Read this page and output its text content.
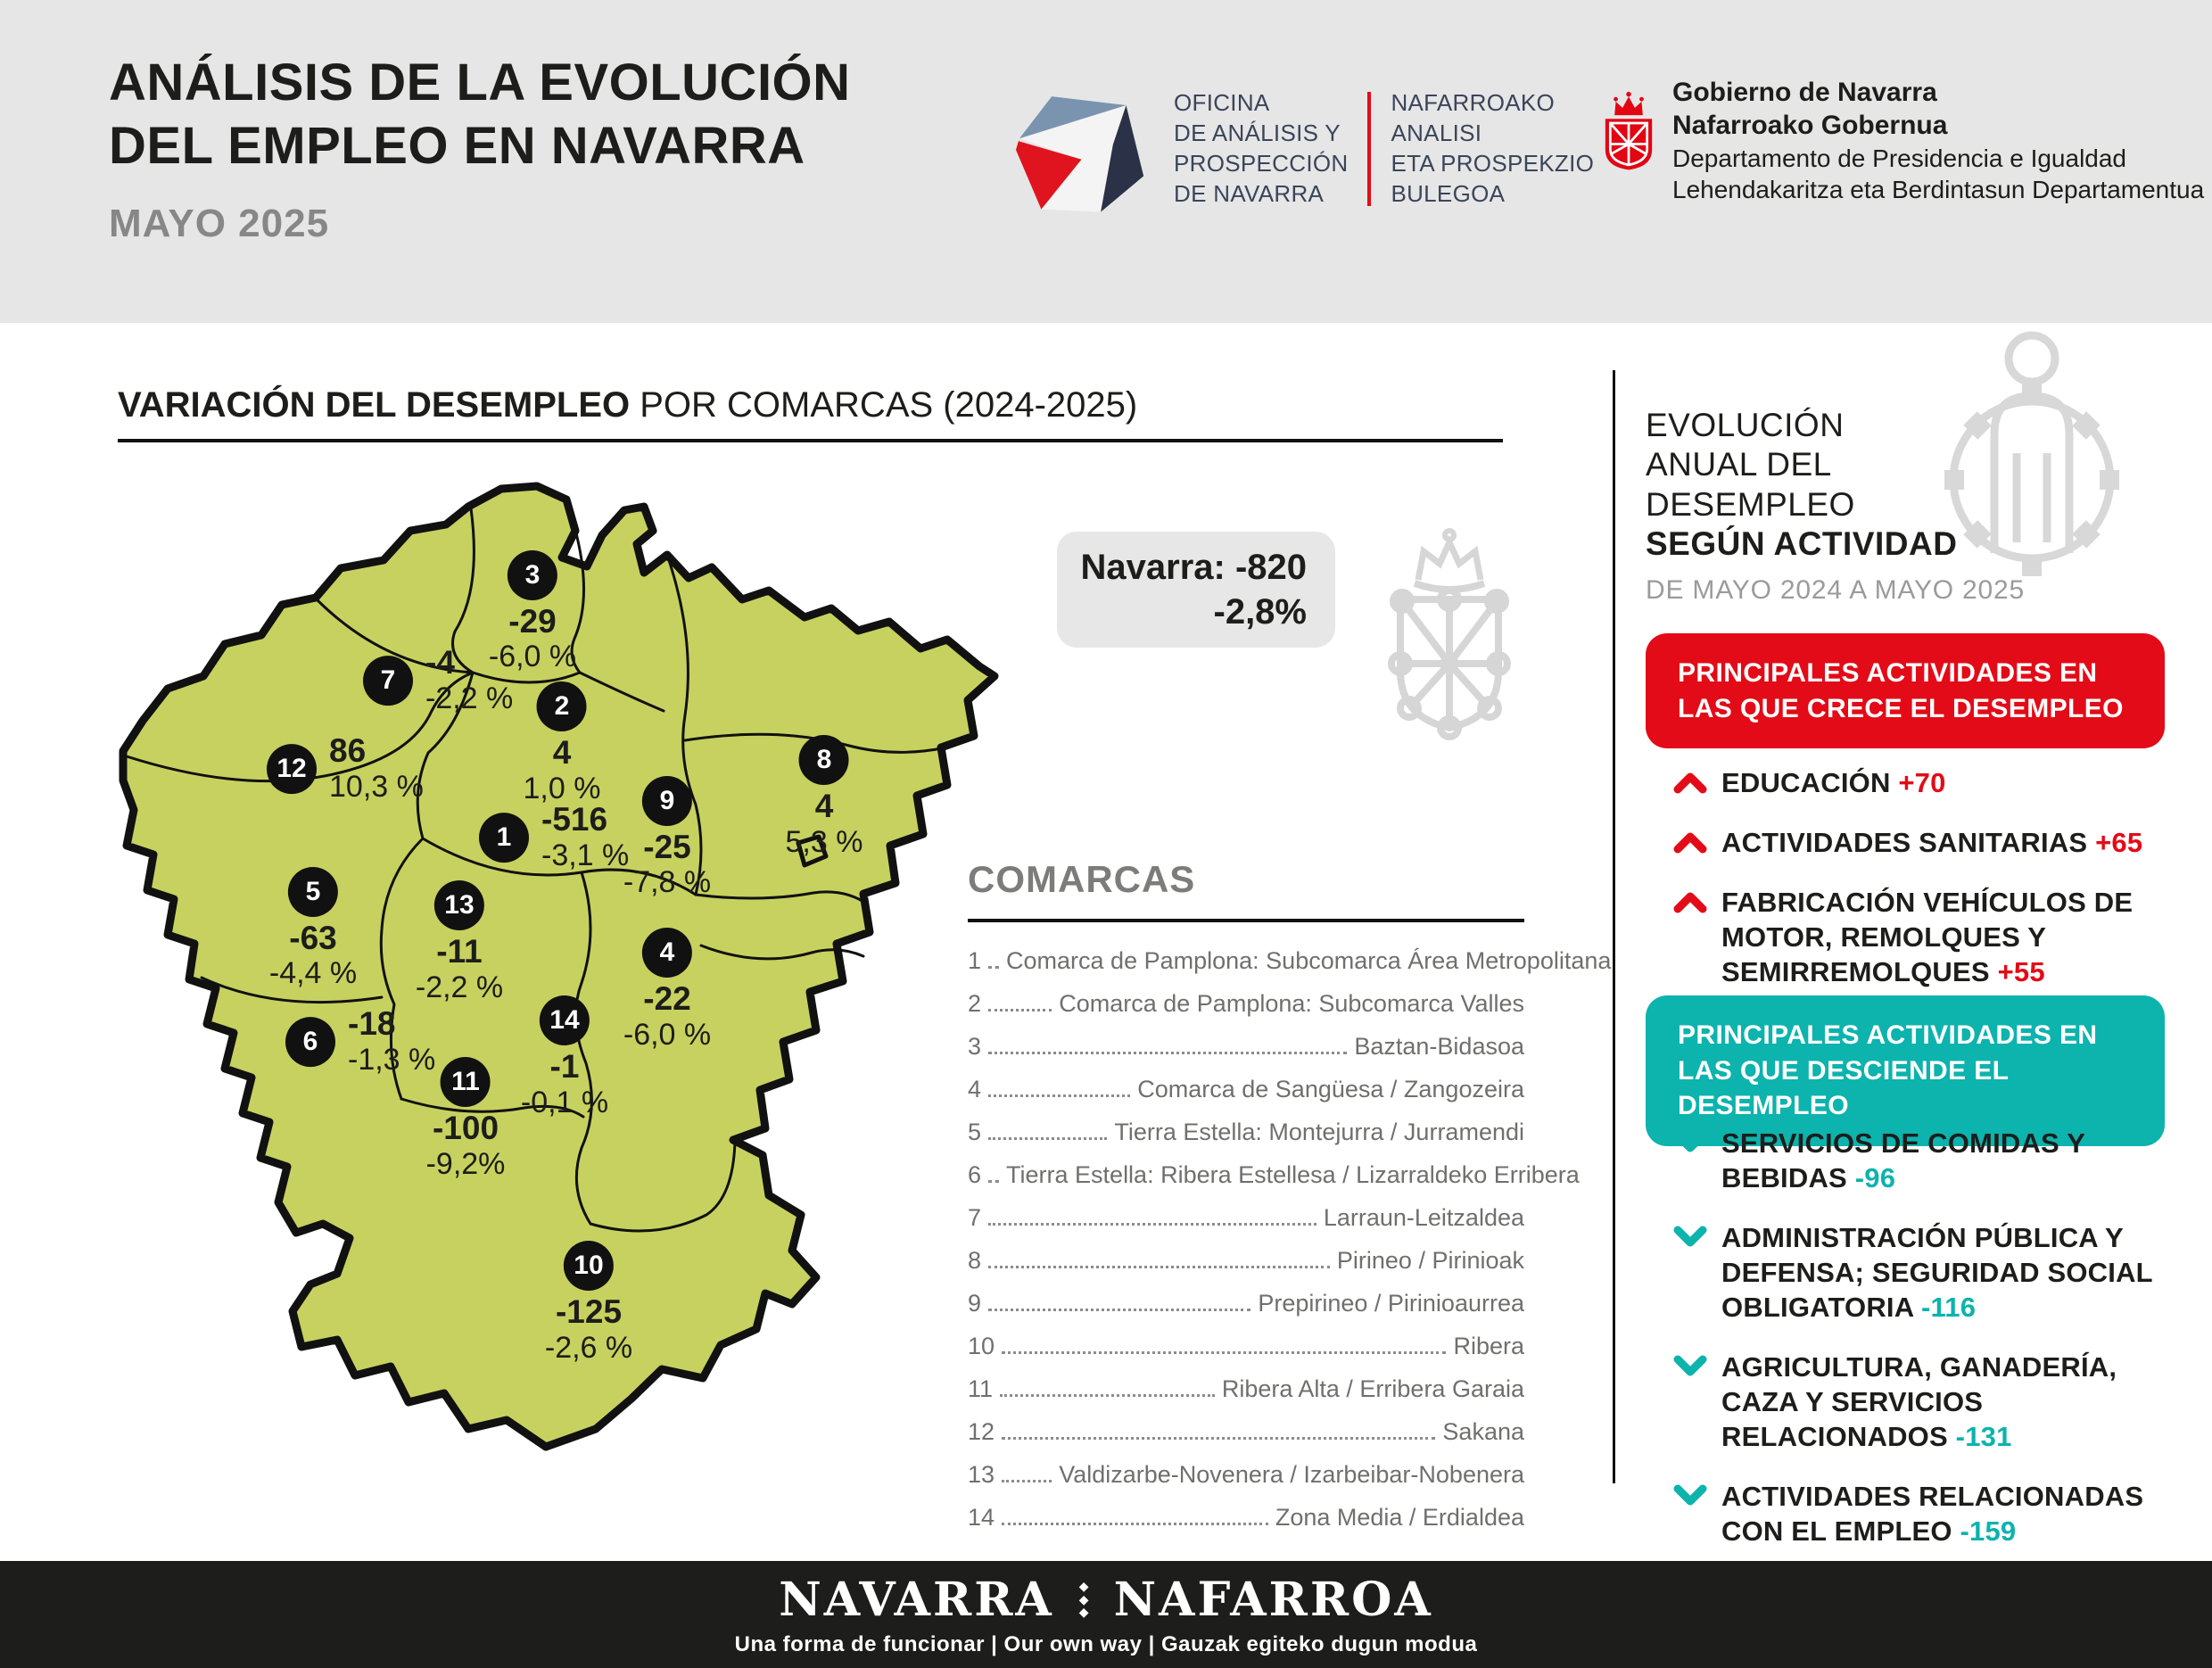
ANÁLISIS DE LA EVOLUCIÓN
DEL EMPLEO EN NAVARRA
MAYO 2025
OFICINA
DE ANÁLISIS Y
PROSPECCIÓN
DE NAVARRA
NAFARROAKO
ANALISI
ETA PROSPEKZIO
BULEGOA
Gobierno de Navarra
Nafarroako Gobernua
Departamento de Presidencia e Igualdad
Lehendakaritza eta Berdintasun Departamentua
VARIACIÓN DEL DESEMPLEO POR COMARCAS (2024-2025)
1 -516
-3,1 %
2
4
1,0 %
3
-29
-6,0 %
4
-22
-6,0 %
5
-63
-4,4 %
6 -18
-1,3 %
7 -4
-2,2 %
8
4
5,3 %
9
-25
-7,8 %
10
-125
-2,6 %
11
-100
-9,2%
12 86
10,3 %
13
-11
-2,2 %
14
-1
-0,1 %
Navarra: -820
-2,8%
COMARCAS
1 Comarca de Pamplona: Subcomarca Área Metropolitana
2	Comarca de Pamplona: Subcomarca Valles
3	Baztan-Bidasoa
4	Comarca de Sangüesa / Zangozeira
5	Tierra Estella: Montejurra / Jurramendi
6 Tierra Estella: Ribera Estellesa / Lizarraldeko Erribera
7	Larraun-Leitzaldea
8	Pirineo / Pirinioak
9	Prepirineo / Pirinioaurrea
10	Ribera
11	Ribera Alta / Erribera Garaia
12	Sakana
13	Valdizarbe-Novenera / Izarbeibar-Nobenera
14	Zona Media / Erdialdea
EVOLUCIÓN
ANUAL DEL
DESEMPLEO
SEGÚN ACTIVIDAD
DE MAYO 2024 A MAYO 2025
PRINCIPALES ACTIVIDADES EN
LAS QUE CRECE EL DESEMPLEO
EDUCACIÓN +70
ACTIVIDADES SANITARIAS +65
FABRICACIÓN VEHÍCULOS DE MOTOR, REMOLQUES Y SEMIRREMOLQUES +55
PRINCIPALES ACTIVIDADES EN
LAS QUE DESCIENDE EL DESEMPLEO
SERVICIOS DE COMIDAS Y BEBIDAS -96
ADMINISTRACIÓN PÚBLICA Y DEFENSA; SEGURIDAD SOCIAL OBLIGATORIA -116
AGRICULTURA, GANADERÍA, CAZA Y SERVICIOS RELACIONADOS -131
ACTIVIDADES RELACIONADAS CON EL EMPLEO -159
NAVARRA ◆
◆
◆ NAFARROA
Una forma de funcionar | Our own way | Gauzak egiteko dugun modua
